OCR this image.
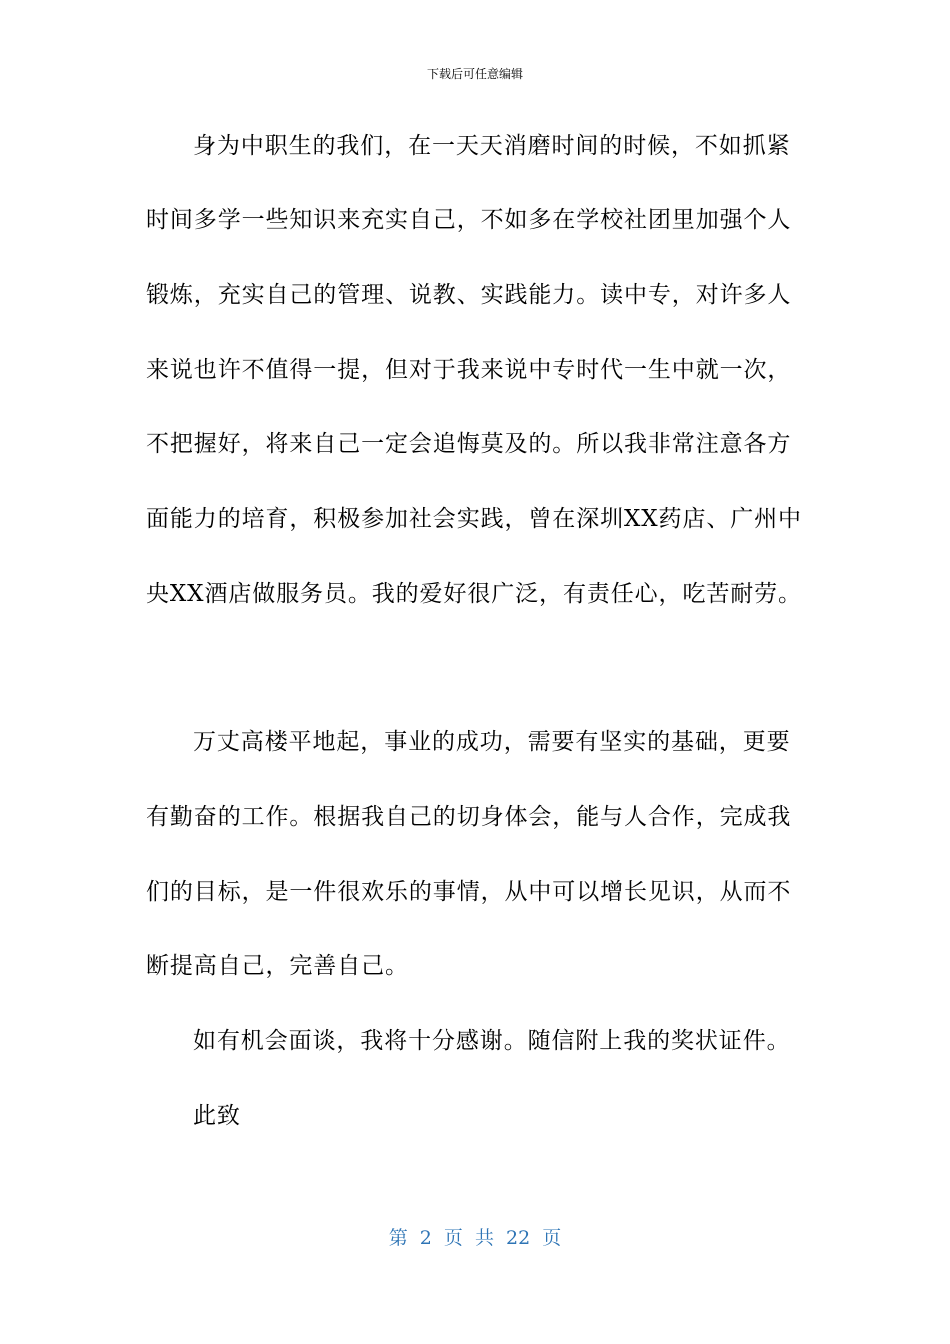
下载后可任意编辑
身为中职生的我们，在一天天消磨时间的时候，不如抓紧
时间多学一些知识来充实自己，不如多在学校社团里加强个人
锻炼，充实自己的管理、说教、实践能力。读中专，对许多人
来说也许不值得一提，但对于我来说中专时代一生中就一次，
不把握好，将来自己一定会追悔莫及的。所以我非常注意各方
面能力的培育，积极参加社会实践，曾在深圳XX药店、广州中
央XX酒店做服务员。我的爱好很广泛，有责任心，吃苦耐劳。
万丈高楼平地起，事业的成功，需要有坚实的基础，更要
有勤奋的工作。根据我自己的切身体会，能与人合作，完成我
们的目标，是一件很欢乐的事情，从中可以增长见识，从而不
断提高自己，完善自己。
如有机会面谈，我将十分感谢。随信附上我的奖状证件。
此致
第 2 页 共 22 页
